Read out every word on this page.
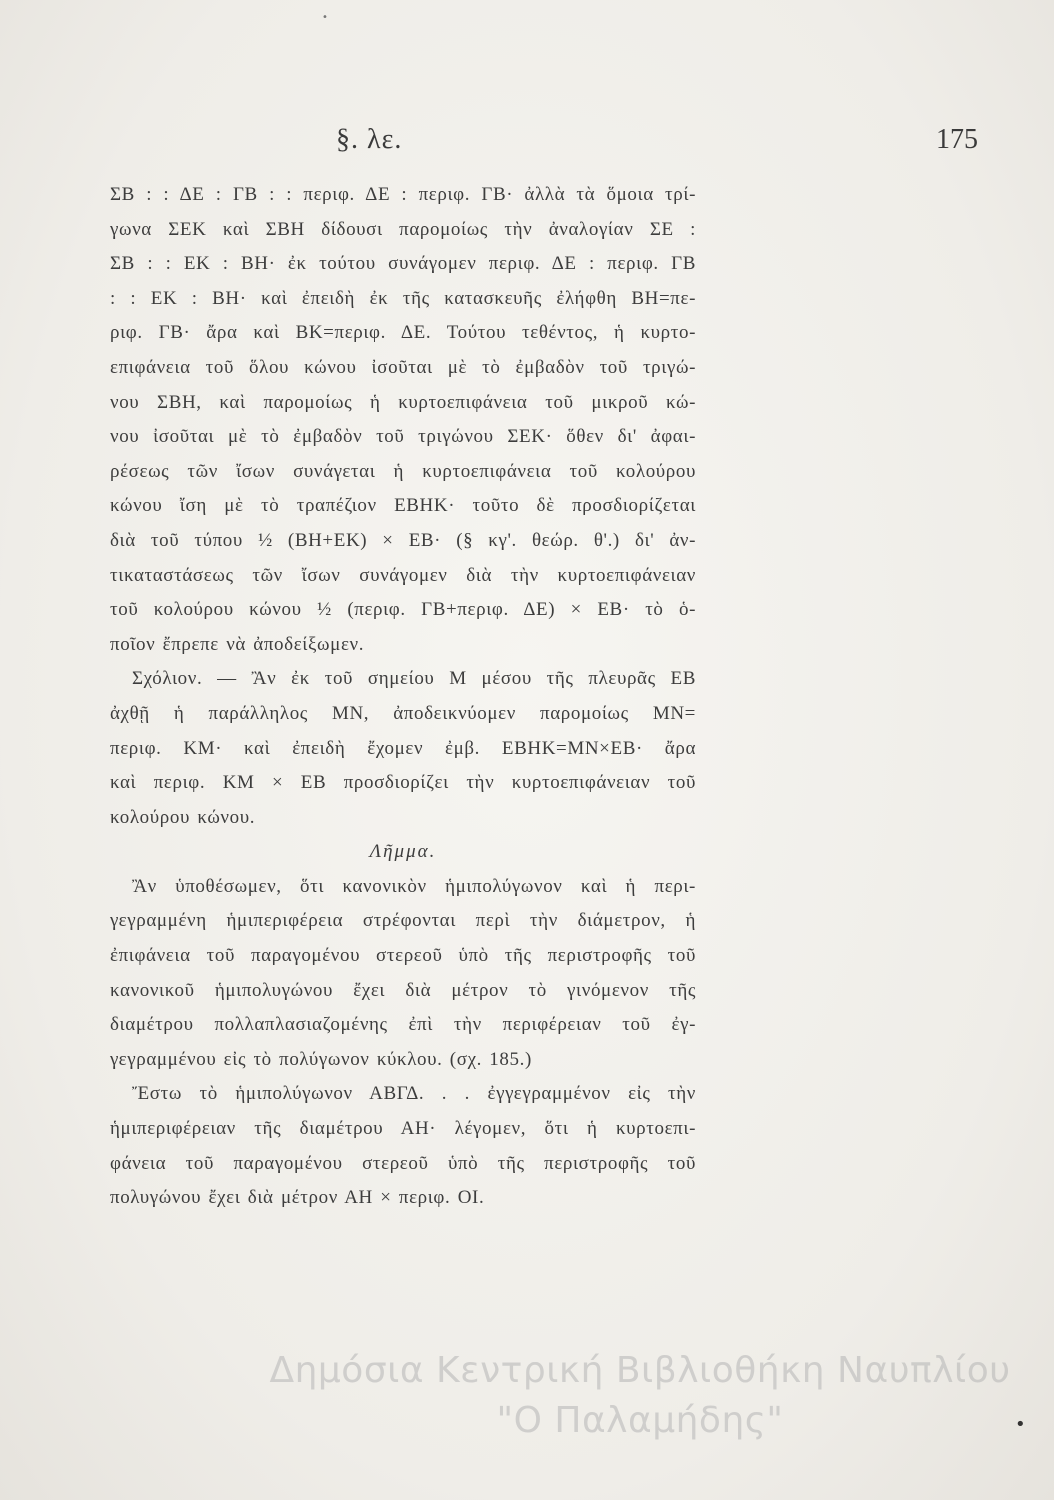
•
§. λε.	175
ΣΒ : : ΔΕ : ΓΒ : : περιφ. ΔΕ : περιφ. ΓΒ· ἀλλὰ τὰ ὅμοια τρί-
γωνα ΣΕΚ καὶ ΣΒΗ δίδουσι παρομοίως τὴν ἀναλογίαν ΣΕ :
ΣΒ : : ΕΚ : ΒΗ· ἐκ τούτου συνάγομεν περιφ. ΔΕ : περιφ. ΓΒ
: : ΕΚ : ΒΗ· καὶ ἐπειδὴ ἐκ τῆς κατασκευῆς ἐλήφθη ΒΗ=πε-
ριφ. ΓΒ· ἄρα καὶ ΒΚ=περιφ. ΔΕ. Τούτου τεθέντος, ἡ κυρτο-
επιφάνεια τοῦ ὅλου κώνου ἰσοῦται μὲ τὸ ἐμβαδὸν τοῦ τριγώ-
νου ΣΒΗ, καὶ παρομοίως ἡ κυρτοεπιφάνεια τοῦ μικροῦ κώ-
νου ἰσοῦται μὲ τὸ ἐμβαδὸν τοῦ τριγώνου ΣΕΚ· ὅθεν δι' ἀφαι-
ρέσεως τῶν ἴσων συνάγεται ἡ κυρτοεπιφάνεια τοῦ κολούρου
κώνου ἴση μὲ τὸ τραπέζιον ΕΒΗΚ· τοῦτο δὲ προσδιορίζεται
διὰ τοῦ τύπου ½ (ΒΗ+ΕΚ) × ΕΒ· (§ κγ'. θεώρ. θ'.) δι' ἀν-
τικαταστάσεως τῶν ἴσων συνάγομεν διὰ τὴν κυρτοεπιφάνειαν
τοῦ κολούρου κώνου ½ (περιφ. ΓΒ+περιφ. ΔΕ) × ΕΒ· τὸ ὁ-
ποῖον ἔπρεπε νὰ ἀποδείξωμεν.
Σχόλιον. — Ἂν ἐκ τοῦ σημείου Μ μέσου τῆς πλευρᾶς ΕΒ
ἀχθῇ ἡ παράλληλος ΜΝ, ἀποδεικνύομεν παρομοίως ΜΝ=
περιφ. ΚΜ· καὶ ἐπειδὴ ἔχομεν ἐμβ. ΕΒΗΚ=ΜΝ×ΕΒ· ἄρα
καὶ περιφ. ΚΜ × ΕΒ προσδιορίζει τὴν κυρτοεπιφάνειαν τοῦ
κολούρου κώνου.
Λῆμμα.
Ἂν ὑποθέσωμεν, ὅτι κανονικὸν ἡμιπολύγωνον καὶ ἡ περι-
γεγραμμένη ἡμιπεριφέρεια στρέφονται περὶ τὴν διάμετρον, ἡ
ἐπιφάνεια τοῦ παραγομένου στερεοῦ ὑπὸ τῆς περιστροφῆς τοῦ
κανονικοῦ ἡμιπολυγώνου ἔχει διὰ μέτρον τὸ γινόμενον τῆς
διαμέτρου πολλαπλασιαζομένης ἐπὶ τὴν περιφέρειαν τοῦ ἐγ-
γεγραμμένου εἰς τὸ πολύγωνον κύκλου. (σχ. 185.)
Ἔστω τὸ ἡμιπολύγωνον ΑΒΓΔ. . . ἐγγεγραμμένον εἰς τὴν
ἡμιπεριφέρειαν τῆς διαμέτρου ΑΗ· λέγομεν, ὅτι ἡ κυρτοεπι-
φάνεια τοῦ παραγομένου στερεοῦ ὑπὸ τῆς περιστροφῆς τοῦ
πολυγώνου ἔχει διὰ μέτρον ΑΗ × περιφ. ΟΙ.
Δημόσια Κεντρική Βιβλιοθήκη Ναυπλίου
"Ο Παλαμήδης"	•
